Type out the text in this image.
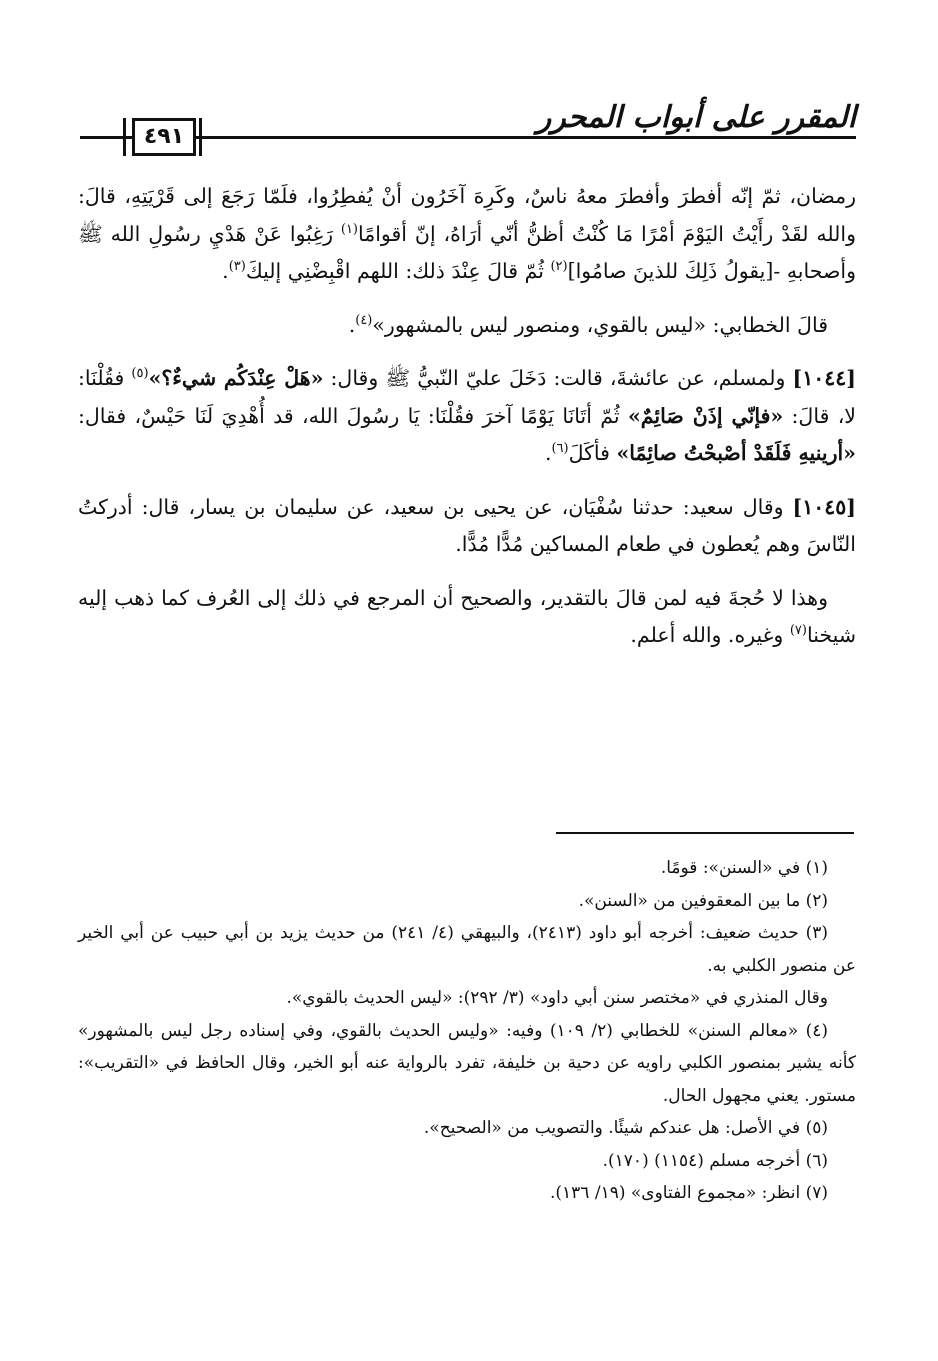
المقرر على أبواب المحرر
٤٩١

رمضان، ثمّ إنّه أفطرَ وأفطرَ معهُ ناسٌ، وكَرِهَ آخَرُون أنْ يُفطِرُوا، فلَمّا رَجَعَ إلى قَرْيَتِهِ، قالَ: والله لقَدْ رأَيْتُ اليَوْمَ أمْرًا مَا كُنْتُ أظنُّ أنّي أرَاهُ، إنّ أقوامًا$^{(١)}$ رَغِبُوا عَنْ هَدْيِ رسُولِ الله ﷺ وأصحابهِ -[يقولُ ذَلِكَ للذينَ صامُوا]$^{(٢)}$ ثُمّ قالَ عِنْدَ ذلك: اللهم اقْبِضْنِي إليكَ$^{(٣)}$.

قالَ الخطابي: «ليس بالقوي، ومنصور ليس بالمشهور»$^{(٤)}$.

[١٠٤٤] ولمسلم، عن عائشةَ، قالت: دَخَلَ عليّ النّبيُّ ﷺ وقال: «هَلْ عِنْدَكُم شيءٌ؟»$^{(٥)}$ فقُلْنَا: لا، قالَ: «فإنّي إذَنْ صَائِمٌ» ثُمّ أتَانَا يَوْمًا آخرَ فقُلْنَا: يَا رسُولَ الله، قد أُهْدِيَ لَنَا حَيْسٌ، فقال: «أرينيهِ فَلَقَدْ أصْبحْتُ صائِمًا» فأكَلَ$^{(٦)}$.

[١٠٤٥] وقال سعيد: حدثنا سُفْيَان، عن يحيى بن سعيد، عن سليمان بن يسار، قال: أدركتُ النّاسَ وهم يُعطون في طعام المساكين مُدًّا مُدًّا.

وهذا لا حُجةَ فيه لمن قالَ بالتقدير، والصحيح أن المرجع في ذلك إلى العُرف كما ذهب إليه شيخنا$^{(٧)}$ وغيره. والله أعلم.

(١) في «السنن»: قومًا.

(٢) ما بين المعقوفين من «السنن».

(٣) حديث ضعيف: أخرجه أبو داود (٢٤١٣)، والبيهقي (٤/ ٢٤١) من حديث يزيد بن أبي حبيب عن أبي الخير عن منصور الكلبي به.

وقال المنذري في «مختصر سنن أبي داود» (٣/ ٢٩٢): «ليس الحديث بالقوي».

(٤) «معالم السنن» للخطابي (٢/ ١٠٩) وفيه: «وليس الحديث بالقوي، وفي إسناده رجل ليس بالمشهور» كأنه يشير بمنصور الكلبي راويه عن دحية بن خليفة، تفرد بالرواية عنه أبو الخير، وقال الحافظ في «التقريب»: مستور. يعني مجهول الحال.

(٥) في الأصل: هل عندكم شيئًا. والتصويب من «الصحيح».

(٦) أخرجه مسلم (١١٥٤) (١٧٠).

(٧) انظر: «مجموع الفتاوى» (١٩/ ١٣٦).
